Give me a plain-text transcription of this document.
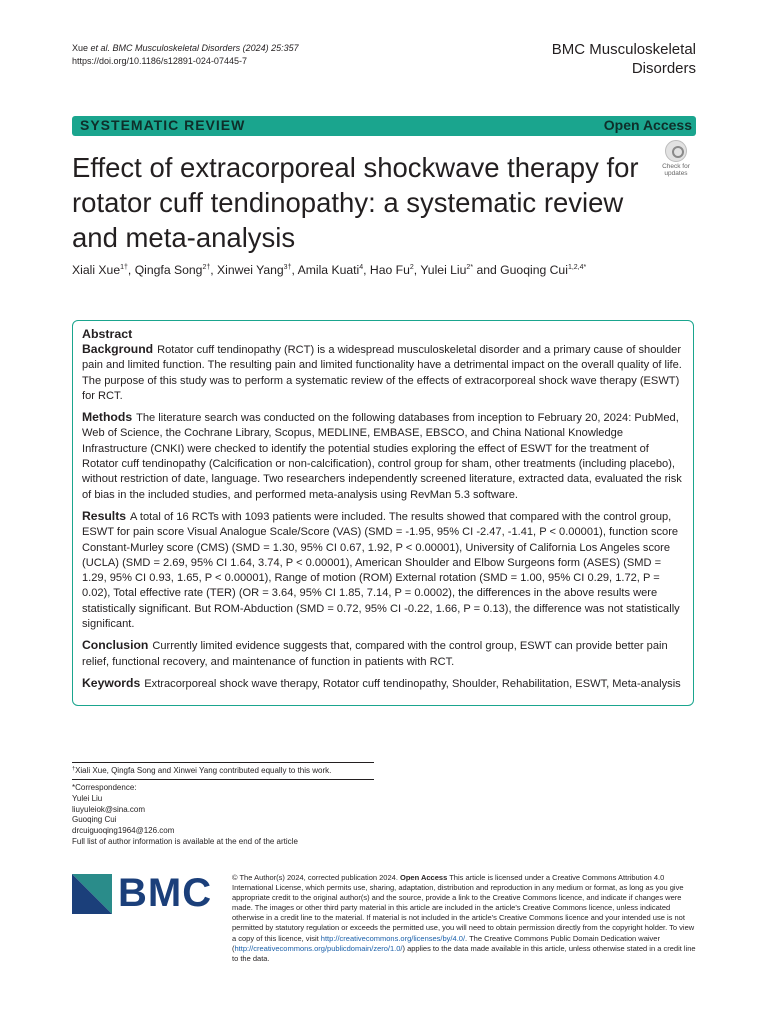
Xue et al. BMC Musculoskeletal Disorders (2024) 25:357
https://doi.org/10.1186/s12891-024-07445-7
BMC Musculoskeletal
Disorders
SYSTEMATIC REVIEW	Open Access
Effect of extracorporeal shockwave therapy for rotator cuff tendinopathy: a systematic review and meta-analysis
Check for
updates
Xiali Xue$^{1\dagger}$, Qingfa Song$^{2\dagger}$, Xinwei Yang$^{3\dagger}$, Amila Kuati$^4$, Hao Fu$^2$, Yulei Liu$^{2*}$ and Guoqing Cui$^{1,2,4*}$
Abstract

Background Rotator cuff tendinopathy (RCT) is a widespread musculoskeletal disorder and a primary cause of shoulder pain and limited function. The resulting pain and limited functionality have a detrimental impact on the overall quality of life. The purpose of this study was to perform a systematic review of the effects of extracorporeal shock wave therapy (ESWT) for RCT.

Methods The literature search was conducted on the following databases from inception to February 20, 2024: PubMed, Web of Science, the Cochrane Library, Scopus, MEDLINE, EMBASE, EBSCO, and China National Knowledge Infrastructure (CNKI) were checked to identify the potential studies exploring the effect of ESWT for the treatment of Rotator cuff tendinopathy (Calcification or non-calcification), control group for sham, other treatments (including placebo), without restriction of date, language. Two researchers independently screened literature, extracted data, evaluated the risk of bias in the included studies, and performed meta-analysis using RevMan 5.3 software.

Results A total of 16 RCTs with 1093 patients were included. The results showed that compared with the control group, ESWT for pain score Visual Analogue Scale/Score (VAS) (SMD = -1.95, 95% CI -2.47, -1.41, P < 0.00001), function score Constant-Murley score (CMS) (SMD = 1.30, 95% CI 0.67, 1.92, P < 0.00001), University of California Los Angeles score (UCLA) (SMD = 2.69, 95% CI 1.64, 3.74, P < 0.00001), American Shoulder and Elbow Surgeons form (ASES) (SMD = 1.29, 95% CI 0.93, 1.65, P < 0.00001), Range of motion (ROM) External rotation (SMD = 1.00, 95% CI 0.29, 1.72, P = 0.02), Total effective rate (TER) (OR = 3.64, 95% CI 1.85, 7.14, P = 0.0002), the differences in the above results were statistically significant. But ROM-Abduction (SMD = 0.72, 95% CI -0.22, 1.66, P = 0.13), the difference was not statistically significant.

Conclusion Currently limited evidence suggests that, compared with the control group, ESWT can provide better pain relief, functional recovery, and maintenance of function in patients with RCT.

Keywords Extracorporeal shock wave therapy, Rotator cuff tendinopathy, Shoulder, Rehabilitation, ESWT, Meta-analysis

†Xiali Xue, Qingfa Song and Xinwei Yang contributed equally to this work.
*Correspondence:
Yulei Liu
liuyuleiok@sina.com
Guoqing Cui
drcuiguoqing1964@126.com
Full list of author information is available at the end of the article
BMC	© The Author(s) 2024, corrected publication 2024. Open Access This article is licensed under a Creative Commons Attribution 4.0 International License, which permits use, sharing, adaptation, distribution and reproduction in any medium or format, as long as you give appropriate credit to the original author(s) and the source, provide a link to the Creative Commons licence, and indicate if changes were made. The images or other third party material in this article are included in the article's Creative Commons licence, unless indicated otherwise in a credit line to the material. If material is not included in the article's Creative Commons licence and your intended use is not permitted by statutory regulation or exceeds the permitted use, you will need to obtain permission directly from the copyright holder. To view a copy of this licence, visit http://creativecommons.org/licenses/by/4.0/. The Creative Commons Public Domain Dedication waiver (http://creativecommons.org/publicdomain/zero/1.0/) applies to the data made available in this article, unless otherwise stated in a credit line to the data.
